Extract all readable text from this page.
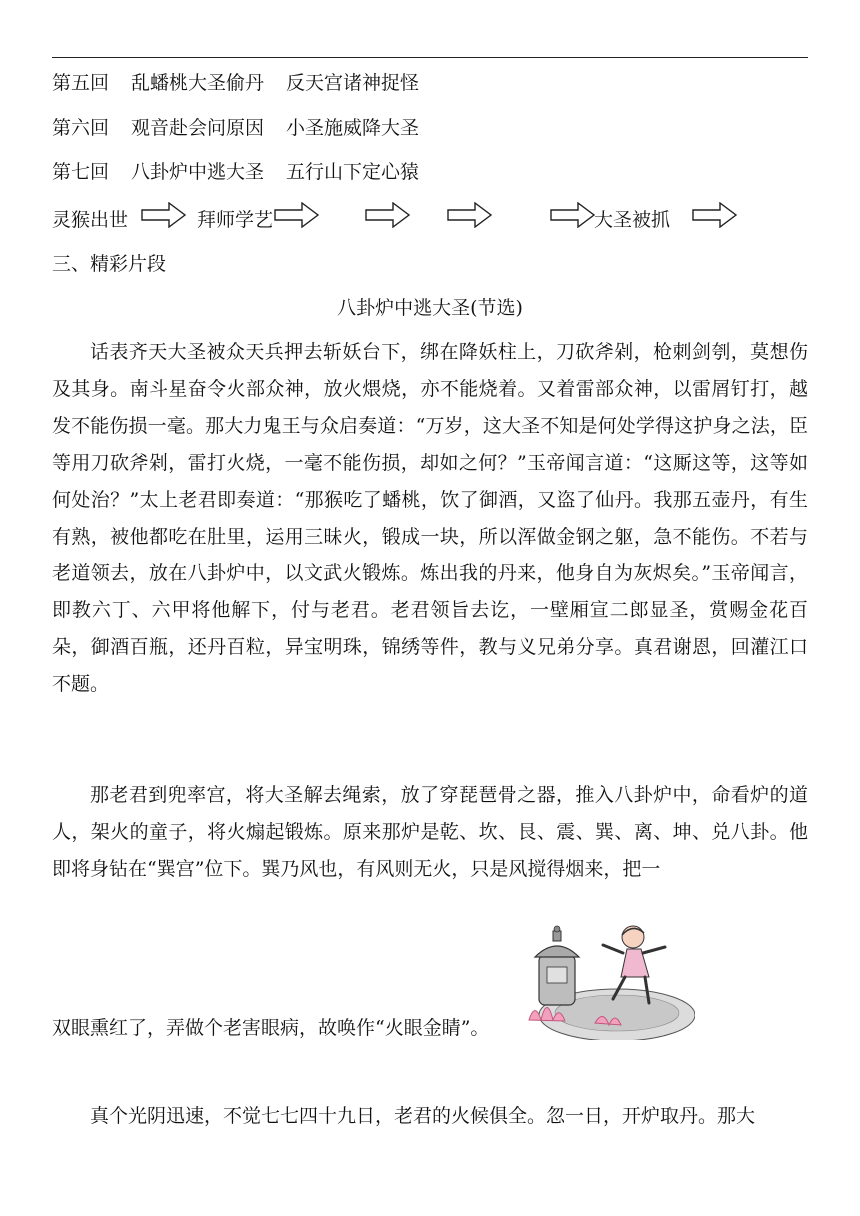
第五回 乱蟠桃大圣偷丹 反天宫诸神捉怪
第六回 观音赴会问原因 小圣施威降大圣
第七回 八卦炉中逃大圣 五行山下定心猿
灵猴出世	拜师学艺	大圣被抓
三、精彩片段
八卦炉中逃大圣(节选)
话表齐天大圣被众天兵押去斩妖台下，绑在降妖柱上，刀砍斧剁，枪刺剑刳，莫想伤及其身。南斗星奋令火部众神，放火煨烧，亦不能烧着。又着雷部众神，以雷屑钉打，越发不能伤损一毫。那大力鬼王与众启奏道：“万岁，这大圣不知是何处学得这护身之法，臣等用刀砍斧剁，雷打火烧，一毫不能伤损，却如之何？”玉帝闻言道：“这厮这等，这等如何处治？”太上老君即奏道：“那猴吃了蟠桃，饮了御酒，又盗了仙丹。我那五壶丹，有生有熟，被他都吃在肚里，运用三昧火，锻成一块，所以浑做金钢之躯，急不能伤。不若与老道领去，放在八卦炉中，以文武火锻炼。炼出我的丹来，他身自为灰烬矣。”玉帝闻言，即教六丁、六甲将他解下，付与老君。老君领旨去讫，一壁厢宣二郎显圣，赏赐金花百朵，御酒百瓶，还丹百粒，异宝明珠，锦绣等件，教与义兄弟分享。真君谢恩，回灌江口不题。
那老君到兜率宫，将大圣解去绳索，放了穿琵琶骨之器，推入八卦炉中，命看炉的道人，架火的童子，将火煽起锻炼。原来那炉是乾、坎、艮、震、巽、离、坤、兑八卦。他即将身钻在“巽宫”位下。巽乃风也，有风则无火，只是风搅得烟来，把一
双眼熏红了，弄做个老害眼病，故唤作“火眼金睛”。
真个光阴迅速，不觉七七四十九日，老君的火候俱全。忽一日，开炉取丹。那大
